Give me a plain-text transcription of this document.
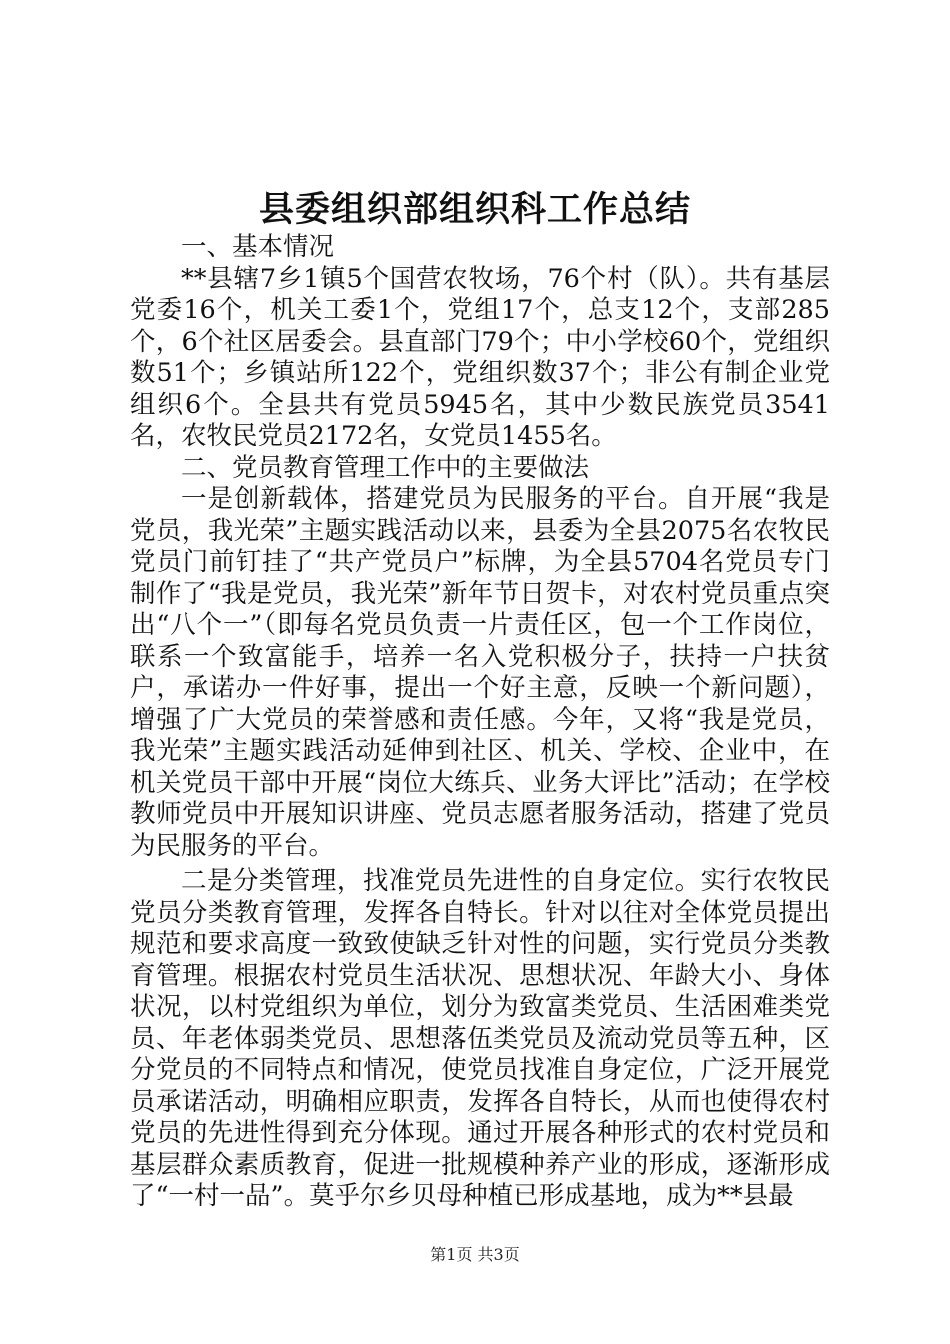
县委组织部组织科工作总结

一、基本情况

**县辖7乡1镇5个国营农牧场，76个村（队）。共有基层党委16个，机关工委1个，党组17个，总支12个，支部285个，6个社区居委会。县直部门79个；中小学校60个，党组织数51个；乡镇站所122个，党组织数37个；非公有制企业党组织6个。全县共有党员5945名，其中少数民族党员3541名，农牧民党员2172名，女党员1455名。

二、党员教育管理工作中的主要做法

一是创新载体，搭建党员为民服务的平台。自开展“我是党员，我光荣”主题实践活动以来，县委为全县2075名农牧民党员门前钉挂了“共产党员户”标牌，为全县5704名党员专门制作了“我是党员，我光荣”新年节日贺卡，对农村党员重点突出“八个一”（即每名党员负责一片责任区，包一个工作岗位，联系一个致富能手，培养一名入党积极分子，扶持一户扶贫户，承诺办一件好事，提出一个好主意，反映一个新问题），增强了广大党员的荣誉感和责任感。今年，又将“我是党员，我光荣”主题实践活动延伸到社区、机关、学校、企业中，在机关党员干部中开展“岗位大练兵、业务大评比”活动；在学校教师党员中开展知识讲座、党员志愿者服务活动，搭建了党员为民服务的平台。

二是分类管理，找准党员先进性的自身定位。实行农牧民党员分类教育管理，发挥各自特长。针对以往对全体党员提出规范和要求高度一致致使缺乏针对性的问题，实行党员分类教育管理。根据农村党员生活状况、思想状况、年龄大小、身体状况，以村党组织为单位，划分为致富类党员、生活困难类党员、年老体弱类党员、思想落伍类党员及流动党员等五种，区分党员的不同特点和情况，使党员找准自身定位，广泛开展党员承诺活动，明确相应职责，发挥各自特长，从而也使得农村党员的先进性得到充分体现。通过开展各种形式的农村党员和基层群众素质教育，促进一批规模种养产业的形成，逐渐形成了“一村一品”。莫乎尔乡贝母种植已形成基地，成为**县最

第1页 共3页
